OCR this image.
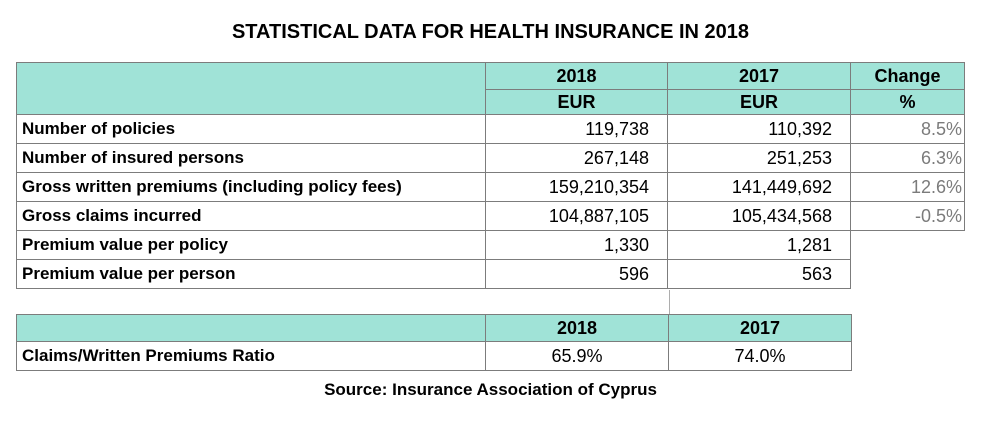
STATISTICAL DATA FOR HEALTH INSURANCE IN 2018
	2018	2017	Change
	EUR	EUR	%
Number of policies	119,738	110,392	8.5%
Number of insured persons	267,148	251,253	6.3%
Gross written premiums (including policy fees)	159,210,354	141,449,692	12.6%
Gross claims incurred	104,887,105	105,434,568	-0.5%
Premium value per policy	1,330	1,281	
Premium value per person	596	563	
	2018	2017
Claims/Written Premiums Ratio	65.9%	74.0%
Source: Insurance Association of Cyprus
